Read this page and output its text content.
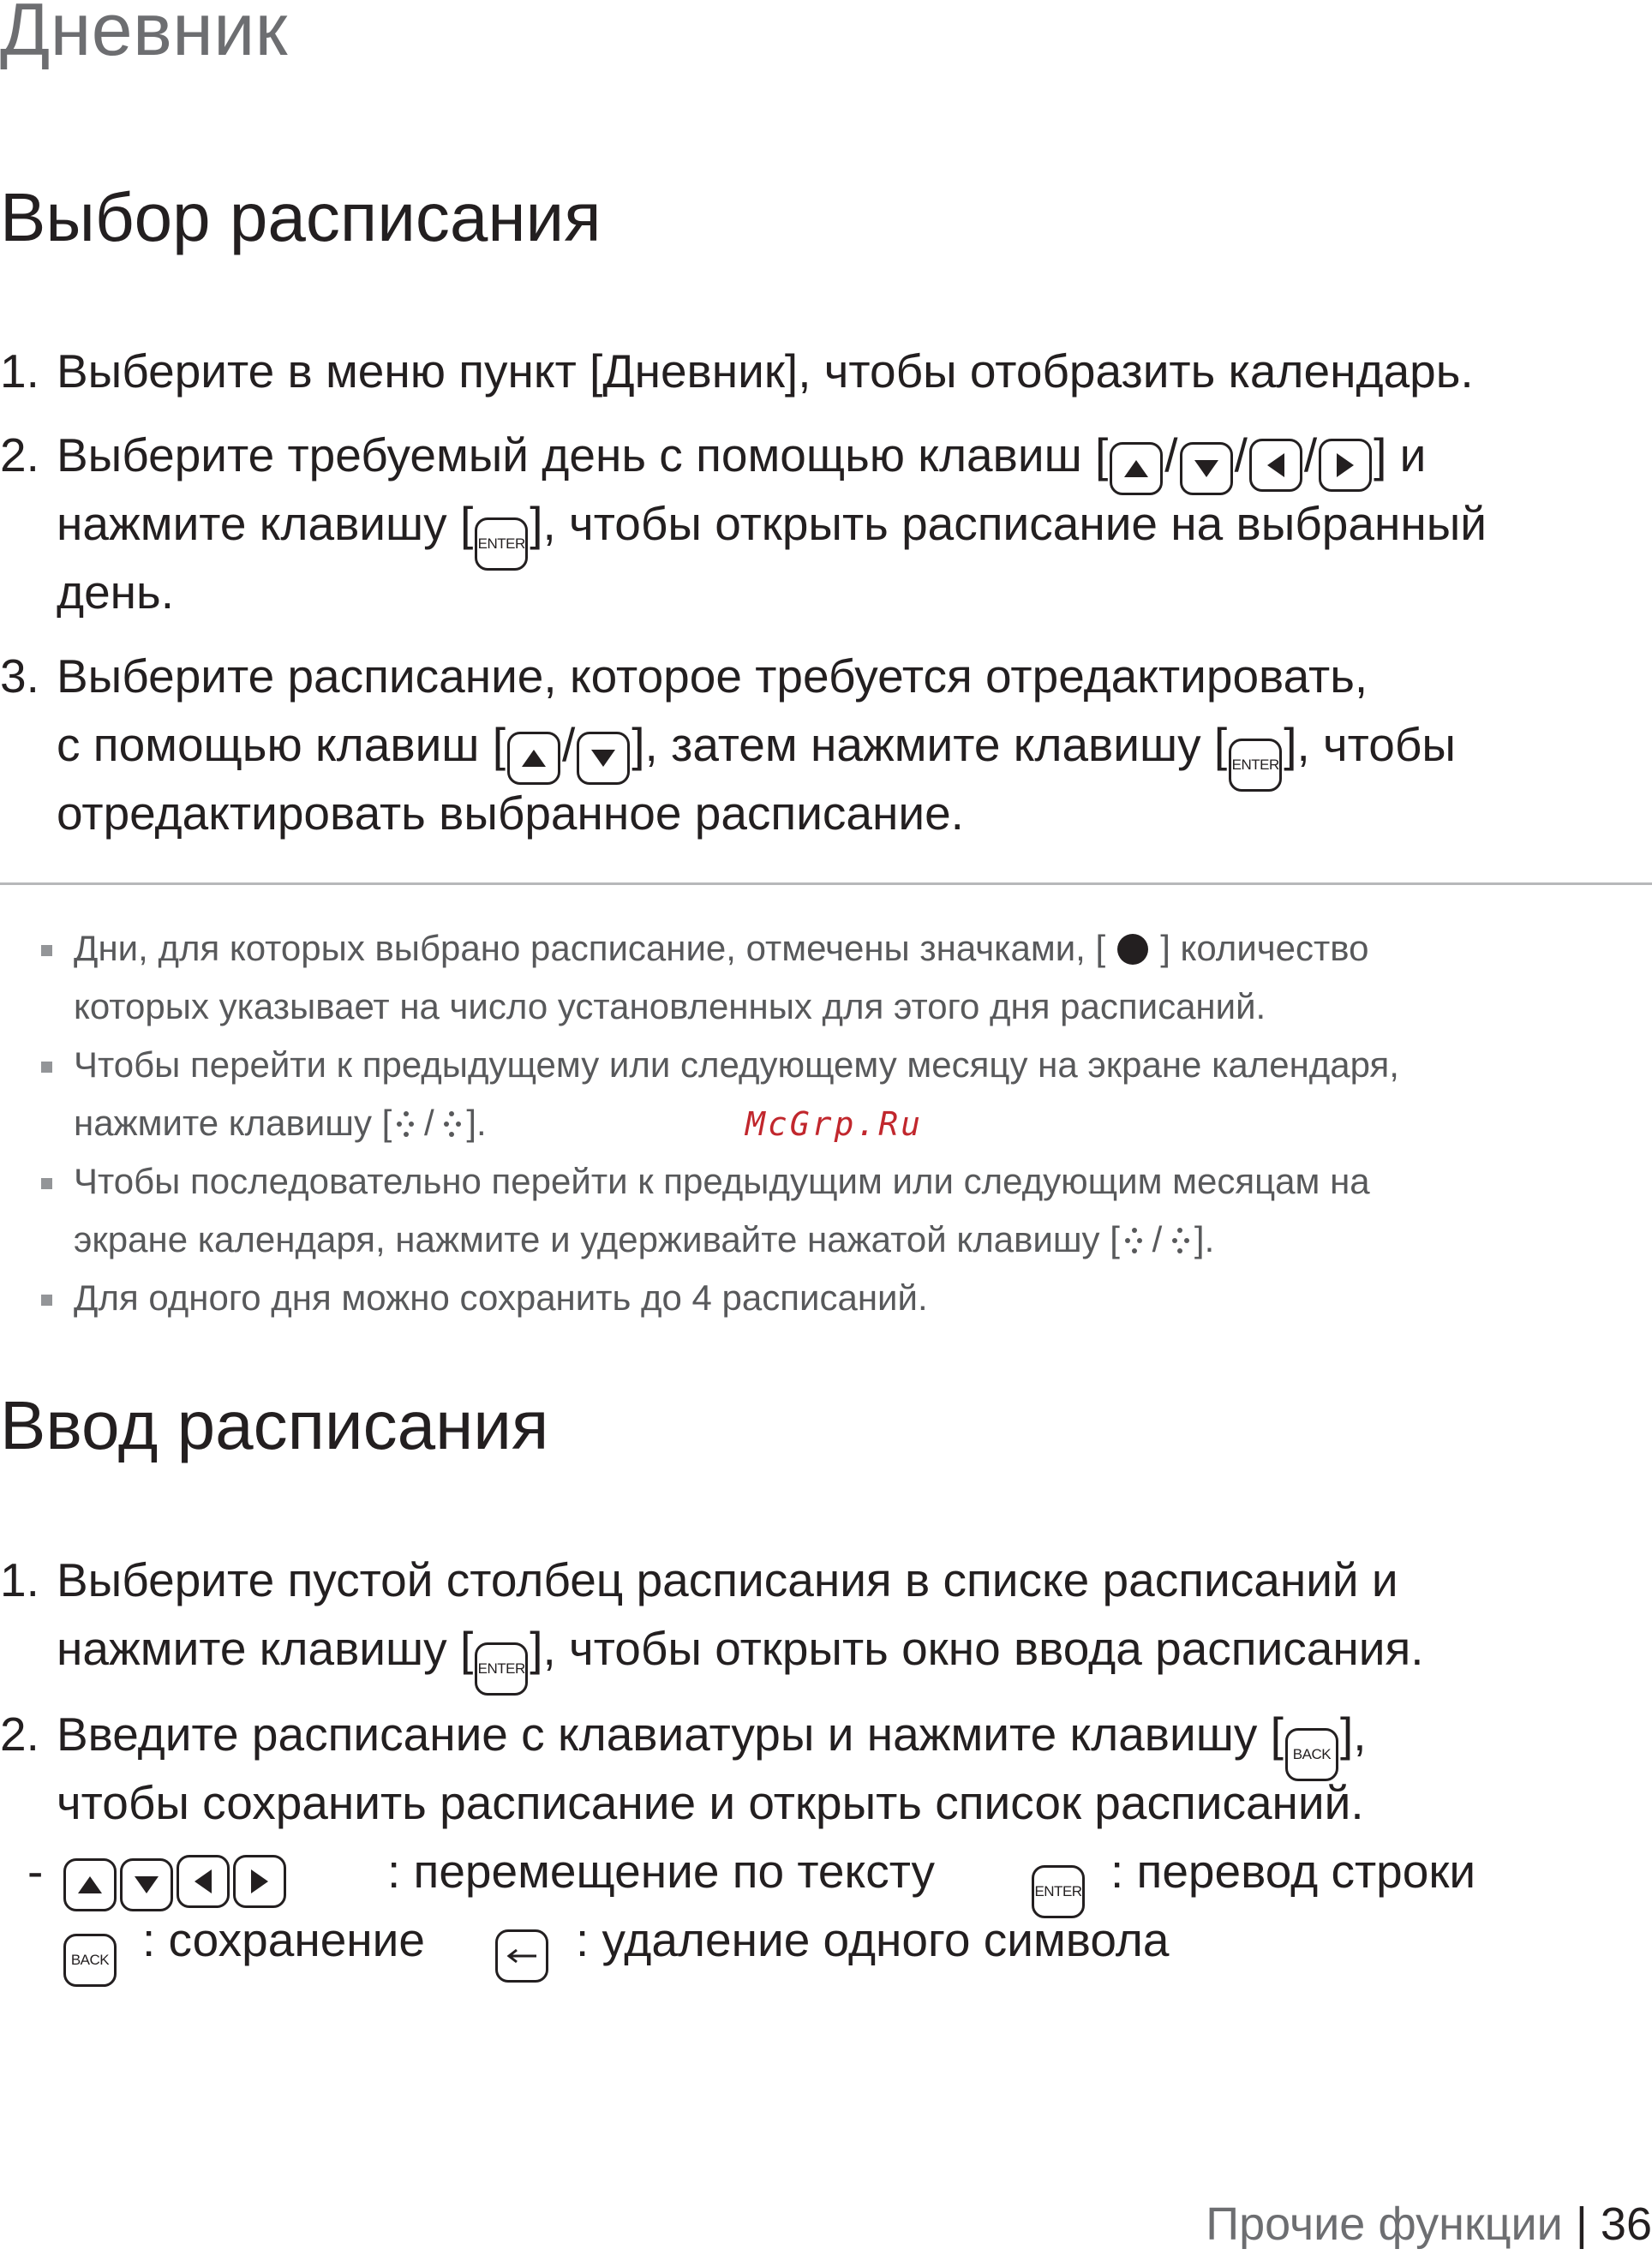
Дневник
Выбор расписания
1. Выберите в меню пункт [Дневник], чтобы отобразить календарь.
2. Выберите требуемый день с помощью клавиш [ / / / ] и
нажмите клавишу [ ENTER ], чтобы открыть расписание на выбранный
день.
3. Выберите расписание, которое требуется отредактировать,
с помощью клавиш [ / ], затем нажмите клавишу [ ENTER ], чтобы
отредактировать выбранное расписание.
Дни, для которых выбрано расписание, отмечены значками, [ ] количество
которых указывает на число установленных для этого дня расписаний.
Чтобы перейти к предыдущему или следующему месяцу на экране календаря,
нажмите клавишу [
/
].
Чтобы последовательно перейти к предыдущим или следующим месяцам на
экране календаря, нажмите и удерживайте нажатой клавишу [
/
].
Для одного дня можно сохранить до 4 расписаний.
McGrp.Ru
Ввод расписания
1. Выберите пустой столбец расписания в списке расписаний и
нажмите клавишу [ ENTER ], чтобы открыть окно ввода расписания.
2. Введите расписание с клавиатуры и нажмите клавишу [ BACK ],
чтобы сохранить расписание и открыть список расписаний.
-	: перемещение по тексту	ENTER : перевод строки
BACK : сохранение	: удаление одного символа
Прочие функции | 36
